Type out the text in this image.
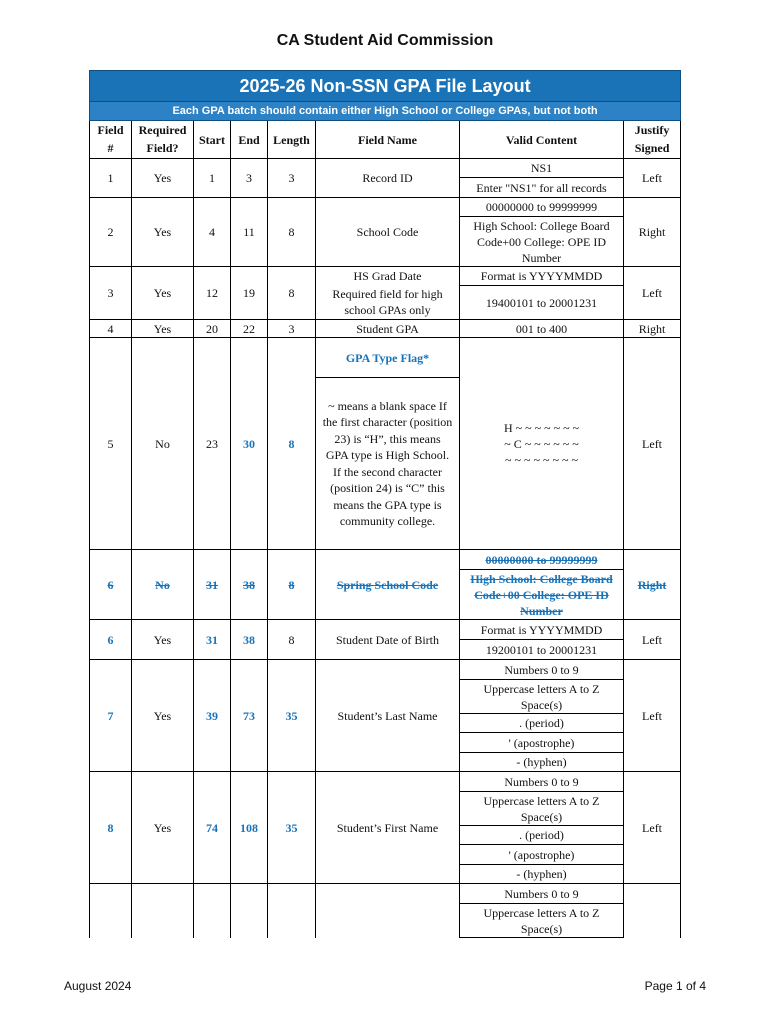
CA Student Aid Commission
2025-26 Non-SSN GPA File Layout							
Each GPA batch should contain either High School or College GPAs, but not both							
Field	Required	Start	End	Length	Field Name	Valid Content	Justify
#	Field?						Signed
1	Yes	1	3	3	Record ID	NS1	Left
						Enter "NS1" for all records	
2	Yes	4	11	8	School Code	00000000 to 99999999	Right
						High School: College Board Code+00 College: OPE ID Number	
3	Yes	12	19	8	HS Grad Date	Format is YYYYMMDD	Left
					Required field for high school GPAs only	19400101 to 20001231	
4	Yes	20	22	3	Student GPA	001 to 400	Right
5	No	23	30	8	GPA Type Flag*	H ~ ~ ~ ~ ~ ~ ~
~ C ~ ~ ~ ~ ~ ~
~ ~ ~ ~ ~ ~ ~ ~	Left
					~ means a blank space If the first character (position 23) is “H”, this means GPA type is High School. If the second character (position 24) is “C” this means the GPA type is community college.		
6	No	31	38	8	Spring School Code	00000000 to 99999999	Right
						High School: College Board Code+00 College: OPE ID Number	
6	Yes	31	38	8	Student Date of Birth	Format is YYYYMMDD	Left
						19200101 to 20001231	
7	Yes	39	73	35	Student’s Last Name	Numbers 0 to 9	Left
						Uppercase letters A to Z Space(s)	
						. (period)	
						' (apostrophe)	
						- (hyphen)	
8	Yes	74	108	35	Student’s First Name	Numbers 0 to 9	Left
						Uppercase letters A to Z Space(s)	
						. (period)	
						' (apostrophe)	
						- (hyphen)	
						Numbers 0 to 9	
						Uppercase letters A to Z Space(s)	
August 2024	Page 1 of 4
